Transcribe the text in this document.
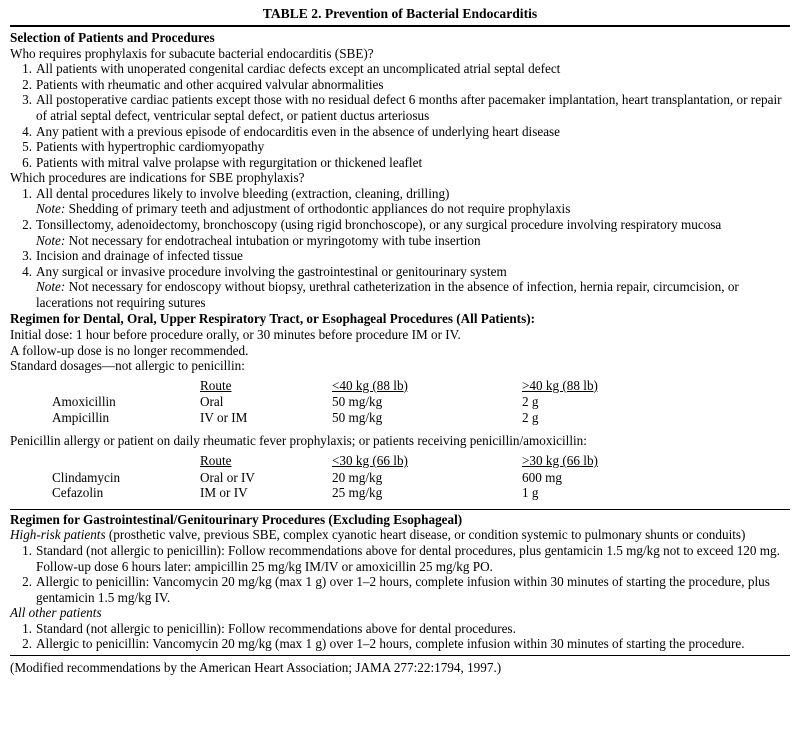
TABLE 2. Prevention of Bacterial Endocarditis
Selection of Patients and Procedures
Who requires prophylaxis for subacute bacterial endocarditis (SBE)?
1. All patients with unoperated congenital cardiac defects except an uncomplicated atrial septal defect
2. Patients with rheumatic and other acquired valvular abnormalities
3. All postoperative cardiac patients except those with no residual defect 6 months after pacemaker implantation, heart transplantation, or repair of atrial septal defect, ventricular septal defect, or patient ductus arteriosus
4. Any patient with a previous episode of endocarditis even in the absence of underlying heart disease
5. Patients with hypertrophic cardiomyopathy
6. Patients with mitral valve prolapse with regurgitation or thickened leaflet
Which procedures are indications for SBE prophylaxis?
1. All dental procedures likely to involve bleeding (extraction, cleaning, drilling)
Note: Shedding of primary teeth and adjustment of orthodontic appliances do not require prophylaxis
2. Tonsillectomy, adenoidectomy, bronchoscopy (using rigid bronchoscope), or any surgical procedure involving respiratory mucosa
Note: Not necessary for endotracheal intubation or myringotomy with tube insertion
3. Incision and drainage of infected tissue
4. Any surgical or invasive procedure involving the gastrointestinal or genitourinary system
Note: Not necessary for endoscopy without biopsy, urethral catheterization in the absence of infection, hernia repair, circumcision, or lacerations not requiring sutures
Regimen for Dental, Oral, Upper Respiratory Tract, or Esophageal Procedures (All Patients):
Initial dose: 1 hour before procedure orally, or 30 minutes before procedure IM or IV.
A follow-up dose is no longer recommended.
Standard dosages—not allergic to penicillin:
	Route	<40 kg (88 lb)	>40 kg (88 lb)
Amoxicillin	Oral	50 mg/kg	2 g
Ampicillin	IV or IM	50 mg/kg	2 g
Penicillin allergy or patient on daily rheumatic fever prophylaxis; or patients receiving penicillin/amoxicillin:
	Route	<30 kg (66 lb)	>30 kg (66 lb)
Clindamycin	Oral or IV	20 mg/kg	600 mg
Cefazolin	IM or IV	25 mg/kg	1 g
Regimen for Gastrointestinal/Genitourinary Procedures (Excluding Esophageal)
High-risk patients (prosthetic valve, previous SBE, complex cyanotic heart disease, or condition systemic to pulmonary shunts or conduits)
1. Standard (not allergic to penicillin): Follow recommendations above for dental procedures, plus gentamicin 1.5 mg/kg not to exceed 120 mg. Follow-up dose 6 hours later: ampicillin 25 mg/kg IM/IV or amoxicillin 25 mg/kg PO.
2. Allergic to penicillin: Vancomycin 20 mg/kg (max 1 g) over 1–2 hours, complete infusion within 30 minutes of starting the procedure, plus gentamicin 1.5 mg/kg IV.
All other patients
1. Standard (not allergic to penicillin): Follow recommendations above for dental procedures.
2. Allergic to penicillin: Vancomycin 20 mg/kg (max 1 g) over 1–2 hours, complete infusion within 30 minutes of starting the procedure.
(Modified recommendations by the American Heart Association; JAMA 277:22:1794, 1997.)
